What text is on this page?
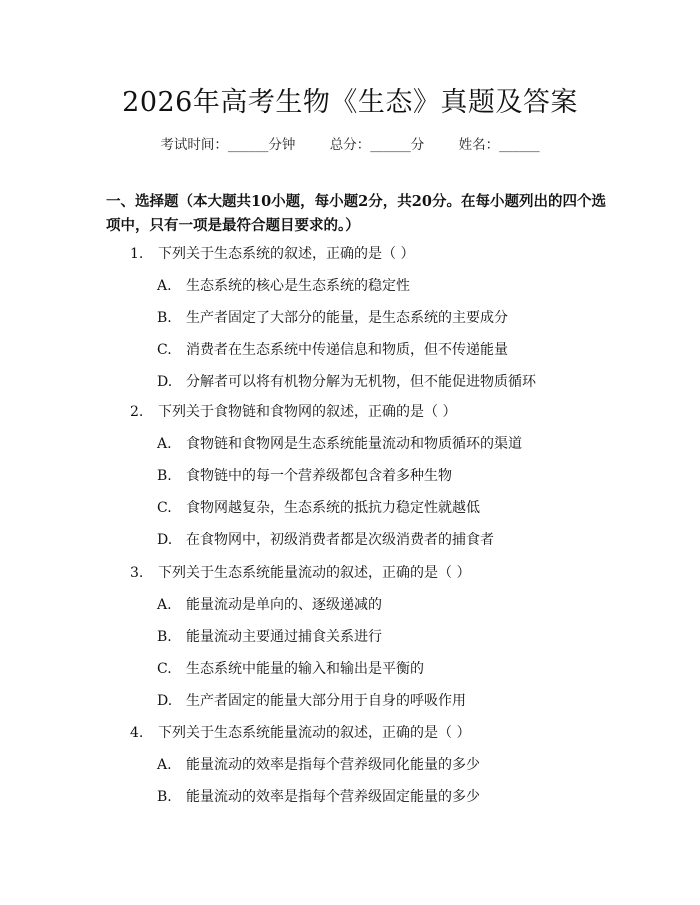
2026年高考生物《生态》真题及答案
考试时间：______分钟	总分：______分	姓名：______
一、选择题（本大题共10小题，每小题2分，共20分。在每小题列出的四个选项中，只有一项是最符合题目要求的。）
1. 下列关于生态系统的叙述，正确的是（ ）
A. 生态系统的核心是生态系统的稳定性
B. 生产者固定了大部分的能量，是生态系统的主要成分
C. 消费者在生态系统中传递信息和物质，但不传递能量
D. 分解者可以将有机物分解为无机物，但不能促进物质循环
2. 下列关于食物链和食物网的叙述，正确的是（ ）
A. 食物链和食物网是生态系统能量流动和物质循环的渠道
B. 食物链中的每一个营养级都包含着多种生物
C. 食物网越复杂，生态系统的抵抗力稳定性就越低
D. 在食物网中，初级消费者都是次级消费者的捕食者
3. 下列关于生态系统能量流动的叙述，正确的是（ ）
A. 能量流动是单向的、逐级递减的
B. 能量流动主要通过捕食关系进行
C. 生态系统中能量的输入和输出是平衡的
D. 生产者固定的能量大部分用于自身的呼吸作用
4. 下列关于生态系统能量流动的叙述，正确的是（ ）
A. 能量流动的效率是指每个营养级同化能量的多少
B. 能量流动的效率是指每个营养级固定能量的多少
